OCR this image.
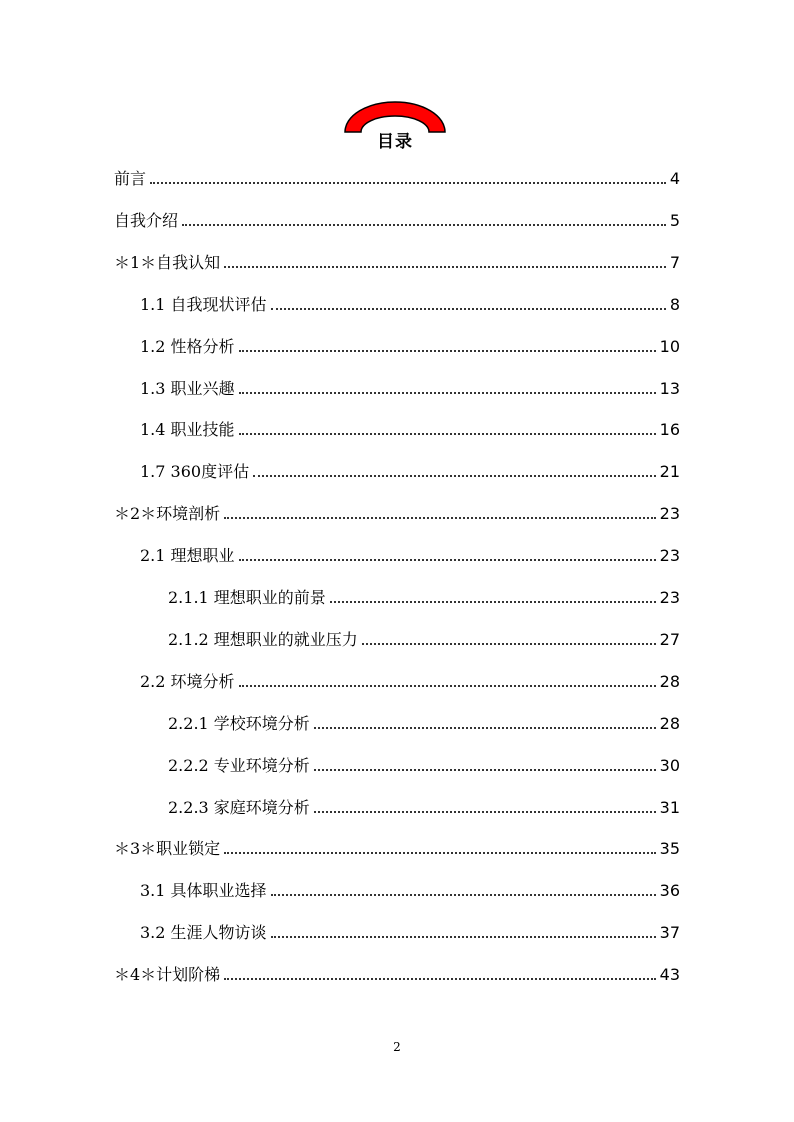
目录
前言	4
自我介绍	5
＊1＊自我认知	7
1.1 自我现状评估	8
1.2 性格分析	10
1.3 职业兴趣	13
1.4 职业技能	16
1.7 360度评估	21
＊2＊环境剖析	23
2.1 理想职业	23
2.1.1 理想职业的前景	23
2.1.2 理想职业的就业压力	27
2.2 环境分析	28
2.2.1 学校环境分析	28
2.2.2 专业环境分析	30
2.2.3 家庭环境分析	31
＊3＊职业锁定	35
3.1 具体职业选择	36
3.2 生涯人物访谈	37
＊4＊计划阶梯	43
2
